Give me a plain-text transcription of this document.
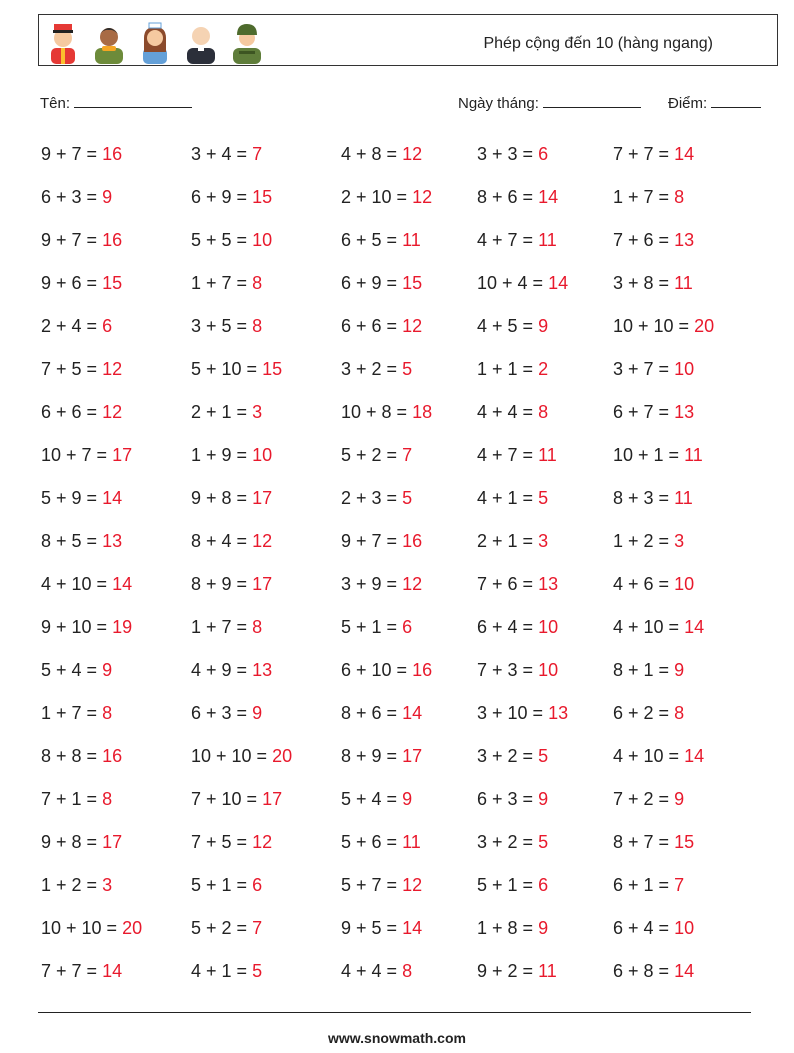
Phép cộng đến 10 (hàng ngang)
Tên:	Ngày tháng:	Điểm:
9 + 7 = 16	3 + 4 = 7	4 + 8 = 12	3 + 3 = 6	7 + 7 = 14
6 + 3 = 9	6 + 9 = 15	2 + 10 = 12 8 + 6 = 14	1 + 7 = 8
9 + 7 = 16	5 + 5 = 10	6 + 5 = 11	4 + 7 = 11	7 + 6 = 13
9 + 6 = 15	1 + 7 = 8	6 + 9 = 15	10 + 4 = 14 3 + 8 = 11
2 + 4 = 6	3 + 5 = 8	6 + 6 = 12	4 + 5 = 9	10 + 10 = 20
7 + 5 = 12	5 + 10 = 15	3 + 2 = 5	1 + 1 = 2	3 + 7 = 10
6 + 6 = 12	2 + 1 = 3	10 + 8 = 18 4 + 4 = 8	6 + 7 = 13
10 + 7 = 17	1 + 9 = 10	5 + 2 = 7	4 + 7 = 11	10 + 1 = 11
5 + 9 = 14	9 + 8 = 17	2 + 3 = 5	4 + 1 = 5	8 + 3 = 11
8 + 5 = 13	8 + 4 = 12	9 + 7 = 16	2 + 1 = 3	1 + 2 = 3
4 + 10 = 14	8 + 9 = 17	3 + 9 = 12	7 + 6 = 13	4 + 6 = 10
9 + 10 = 19	1 + 7 = 8	5 + 1 = 6	6 + 4 = 10	4 + 10 = 14
5 + 4 = 9	4 + 9 = 13	6 + 10 = 16 7 + 3 = 10	8 + 1 = 9
1 + 7 = 8	6 + 3 = 9	8 + 6 = 14	3 + 10 = 13 6 + 2 = 8
8 + 8 = 16	10 + 10 = 20	8 + 9 = 17	3 + 2 = 5	4 + 10 = 14
7 + 1 = 8	7 + 10 = 17	5 + 4 = 9	6 + 3 = 9	7 + 2 = 9
9 + 8 = 17	7 + 5 = 12	5 + 6 = 11	3 + 2 = 5	8 + 7 = 15
1 + 2 = 3	5 + 1 = 6	5 + 7 = 12	5 + 1 = 6	6 + 1 = 7
10 + 10 = 20	5 + 2 = 7	9 + 5 = 14	1 + 8 = 9	6 + 4 = 10
7 + 7 = 14	4 + 1 = 5	4 + 4 = 8	9 + 2 = 11	6 + 8 = 14
www.snowmath.com
